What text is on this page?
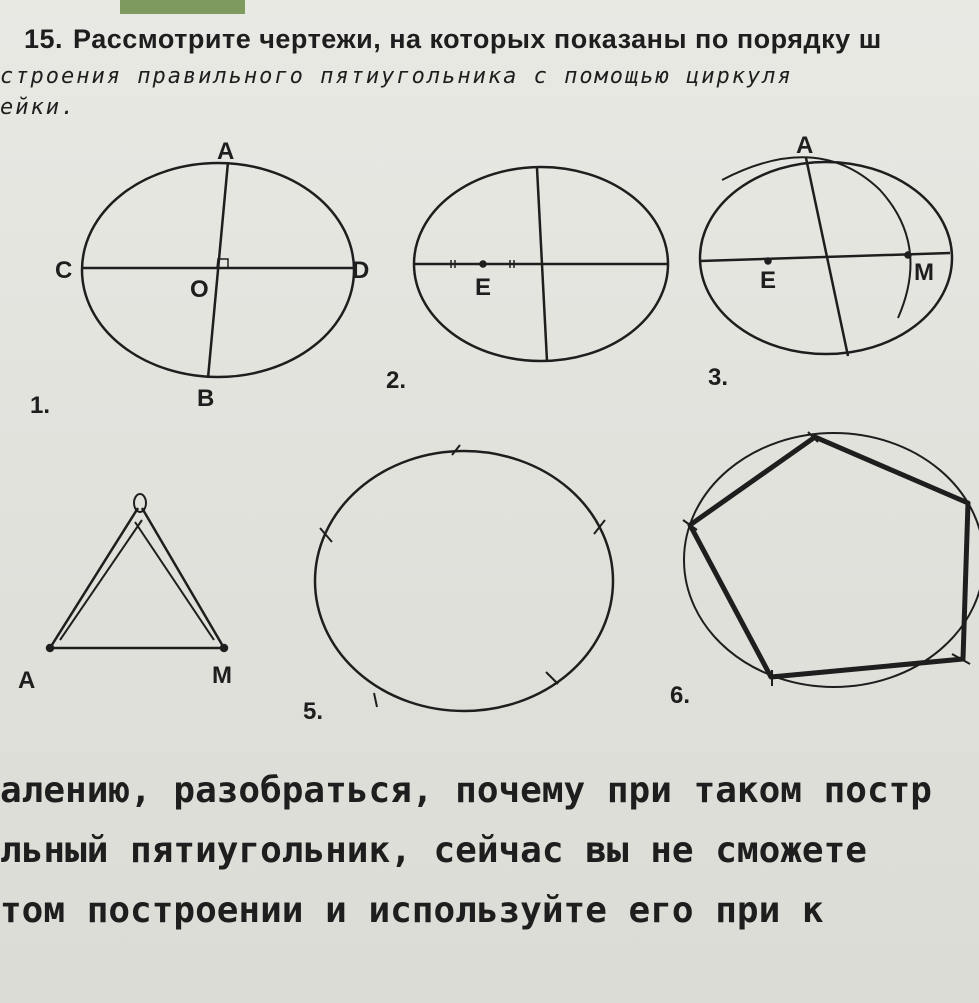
15. Рассмотрите чертежи, на которых показаны по порядку ш
строения правильного пятиугольника с помощью циркуля
ейки.
A
C	D
O
B
1.
E
2.
A
E	M
3.
A	M
5.
6.
алению, разобраться, почему при таком постр
льный пятиугольник, сейчас вы не сможете
том построении и используйте его при к
